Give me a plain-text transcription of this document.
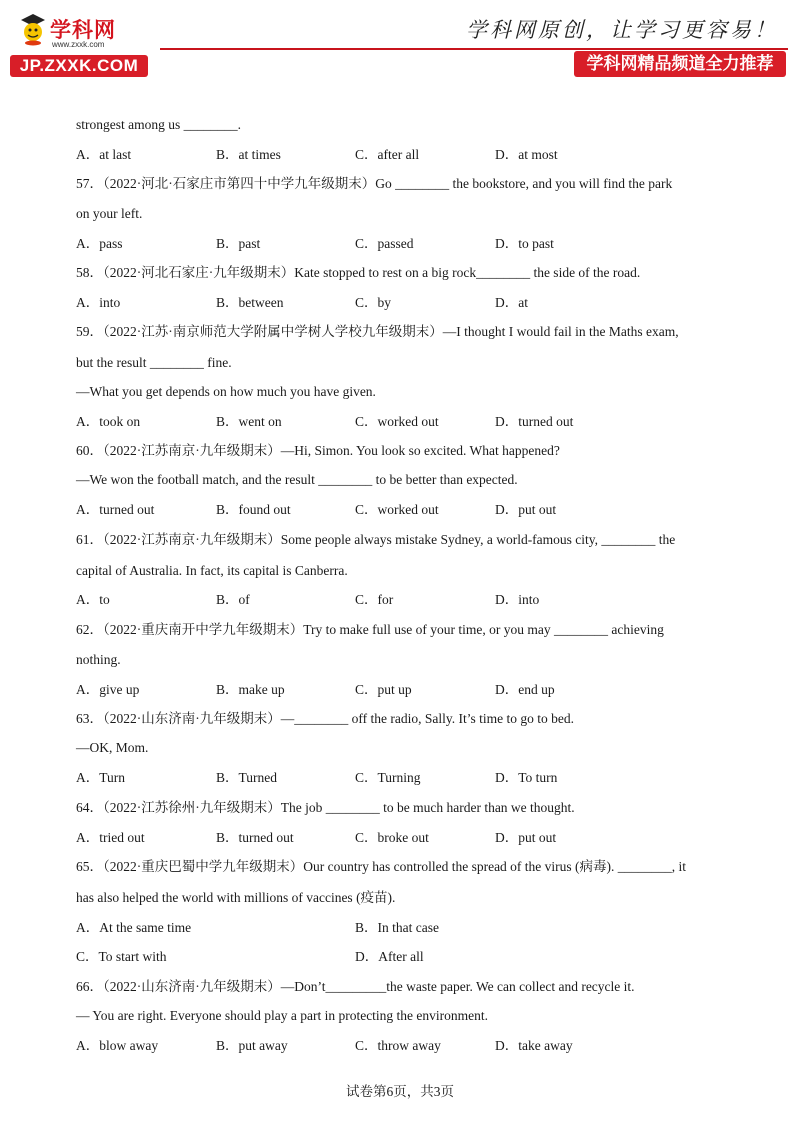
学科网
www.zxxk.com
JP.ZXXK.COM
学科网原创，让学习更容易！
学科网精品频道全力推荐
strongest among us ________.
A．at last	B．at times	C．after all	D．at most
57．（2022·河北·石家庄市第四十中学九年级期末）Go ________ the bookstore, and you will find the park
on your left.
A．pass	B．past	C．passed	D．to past
58．（2022·河北石家庄·九年级期末）Kate stopped to rest on a big rock________ the side of the road.
A．into	B．between	C．by	D．at
59．（2022·江苏·南京师范大学附属中学树人学校九年级期末）—I thought I would fail in the Maths exam,
but the result ________ fine.
—What you get depends on how much you have given.
A．took on	B．went on	C．worked out	D．turned out
60．（2022·江苏南京·九年级期末）—Hi, Simon. You look so excited. What happened?
—We won the football match, and the result ________ to be better than expected.
A．turned out	B．found out	C．worked out	D．put out
61．（2022·江苏南京·九年级期末）Some people always mistake Sydney, a world-famous city, ________ the
capital of Australia. In fact, its capital is Canberra.
A．to	B．of	C．for	D．into
62．（2022·重庆南开中学九年级期末）Try to make full use of your time, or you may ________ achieving
nothing.
A．give up	B．make up	C．put up	D．end up
63．（2022·山东济南·九年级期末）—________ off the radio, Sally. It’s time to go to bed.
—OK, Mom.
A．Turn	B．Turned	C．Turning	D．To turn
64．（2022·江苏徐州·九年级期末）The job ________ to be much harder than we thought.
A．tried out	B．turned out	C．broke out	D．put out
65．（2022·重庆巴蜀中学九年级期末）Our country has controlled the spread of the virus (病毒). ________, it
has also helped the world with millions of vaccines (疫苗).
A．At the same time	B．In that case
C．To start with	D．After all
66．（2022·山东济南·九年级期末）—Don’t_________the waste paper. We can collect and recycle it.
— You are right. Everyone should play a part in protecting the environment.
A．blow away	B．put away	C．throw away	D．take away
试卷第6页，共3页
